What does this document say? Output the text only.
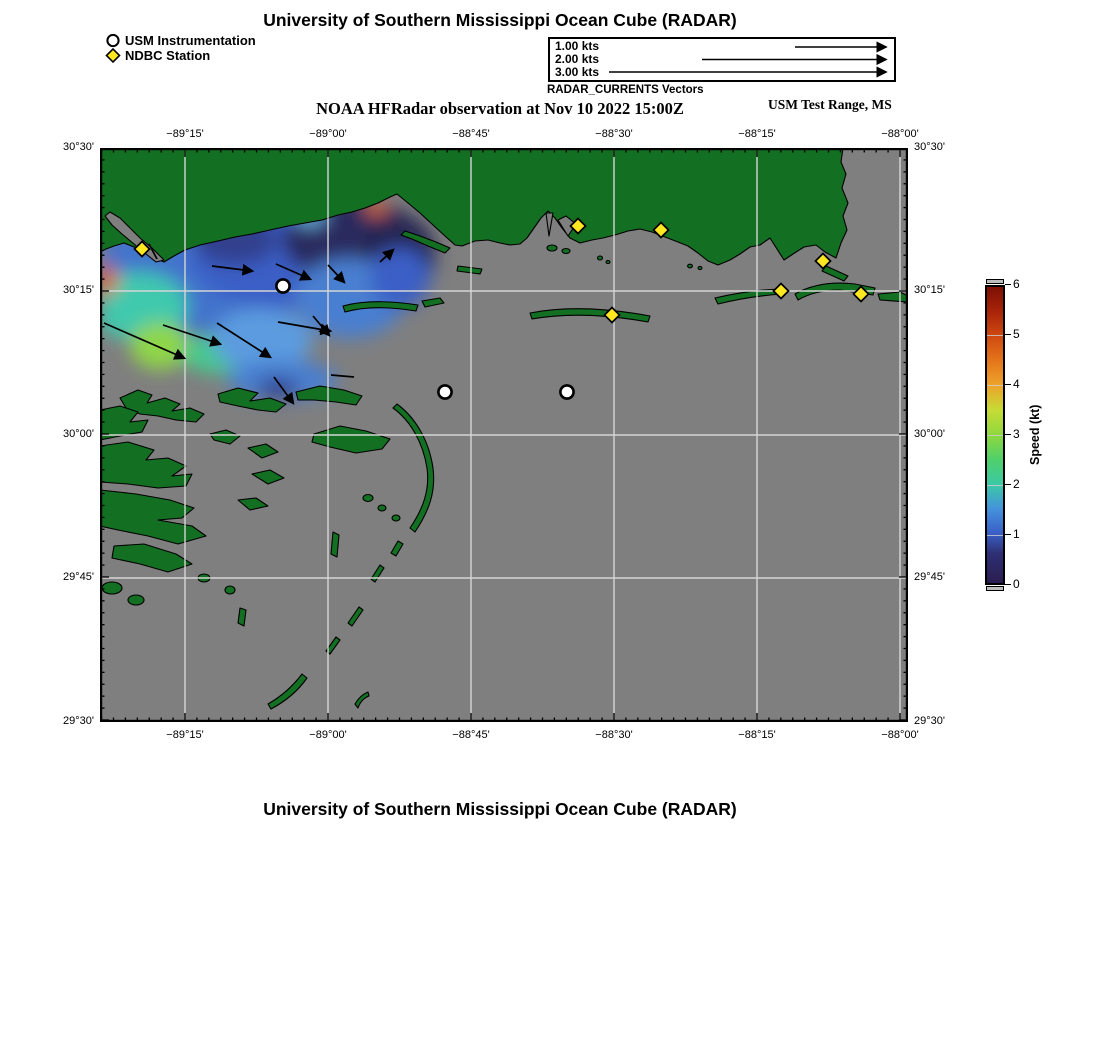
University of Southern Mississippi Ocean Cube (RADAR)
USM Instrumentation
NDBC Station
1.00 kts
2.00 kts
3.00 kts
RADAR_CURRENTS Vectors
NOAA HFRadar observation at Nov 10 2022 15:00Z	USM Test Range, MS
−89°15'
−89°15'
−89°00'
−89°00'
−88°45'
−88°45'
−88°30'
−88°30'
−88°15'
−88°15'
−88°00'
−88°00'
30°30'	30°30'
30°15'	30°15'
30°00'	30°00'
29°45'	29°45'
29°30'	29°30'
6
5
4
3
2
1
0
Speed (kt)
University of Southern Mississippi Ocean Cube (RADAR)
